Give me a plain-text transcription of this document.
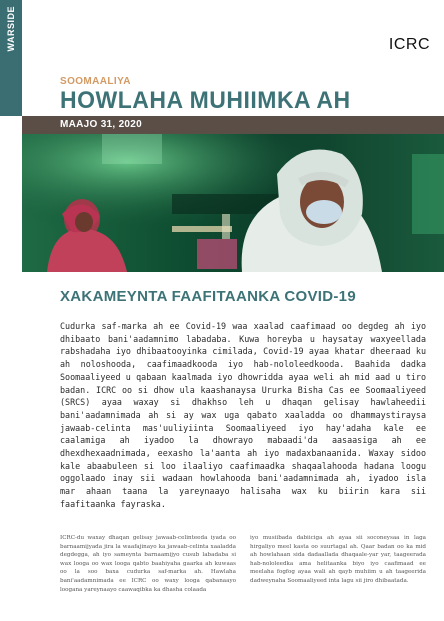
WARSIDE	ICRC
SOOMAALIYA
HOWLAHA MUHIIMKA AH
MAAJO 31, 2020
XAKAMEYNTA FAAFITAANKA COVID-19

Cudurka saf-marka ah ee Covid-19 waa xaalad caafimaad oo degdeg ah iyo dhibaato bani'aadamnimo labadaba. Kuwa horeyba u haysatay waxyeellada rabshadaha iyo dhibaatooyinka cimilada, Covid-19 ayaa khatar dheeraad ku ah noloshooda, caafimaadkooda iyo hab-nololeedkooda. Baahida dadka Soomaaliyeed u qabaan kaalmada iyo dhowridda ayaa weli ah mid aad u tiro badan. ICRC oo si dhow ula kaashanaysa Ururka Bisha Cas ee Soomaaliyeed (SRCS) ayaa waxay si dhakhso leh u dhaqan gelisay hawlaheedii bani'aadamnimada ah si ay wax uga qabato xaaladda oo dhammaystiraysa jawaab-celinta mas'uuliyiinta Soomaaliyeed iyo hay'adaha kale ee caalamiga ah iyadoo la dhowrayo mabaadi'da aasaasiga ah ee dhexdhexaadnimada, eexasho la'aanta ah iyo madaxbanaanida. Waxay sidoo kale abaabuleen si loo ilaaliyo caafimaadka shaqaalahooda hadana loogu oggolaado inay sii wadaan howlahooda bani'aadamnimada ah, iyadoo isla mar ahaan taana la yareynaayo halisaha wax ku biirin kara sii faafitaanka fayraska.

ICRC-du waxay dhaqan gelisay jawaab-celinteeda iyada oo barnaamijyada jira la waafajinayo ka jawaab-celinta xaaladda degdegga, ah iyo sameynta barnaamijyo cusub labadaba si wax looga oo wax looga qabto baahiyaha gaarka ah kuwaas oo la soo baxa cudurka saf-marka ah. Hawlaha bani'aadamnimada ee ICRC oo waxy looga qabanaayo loogana yareynaayo caawaqibka ka dhasha colaada

iyo musiibada dabiiciga ah ayaa sii soconeysaa in laga hirgaliyo meel kasta oo suurtagal ah. Qaar badan oo ka mid ah howlahaan sida dadaallada dhaqaale-yar yar, taageerada hab-nololeedka ama helitaanka biyo iyo caafimaad ee meelaha fogfog ayaa wali ah qayb muhiim u ah taageerida dadweynaha Soomaaliyeed inta lagu sii jiro dhibaatada.
